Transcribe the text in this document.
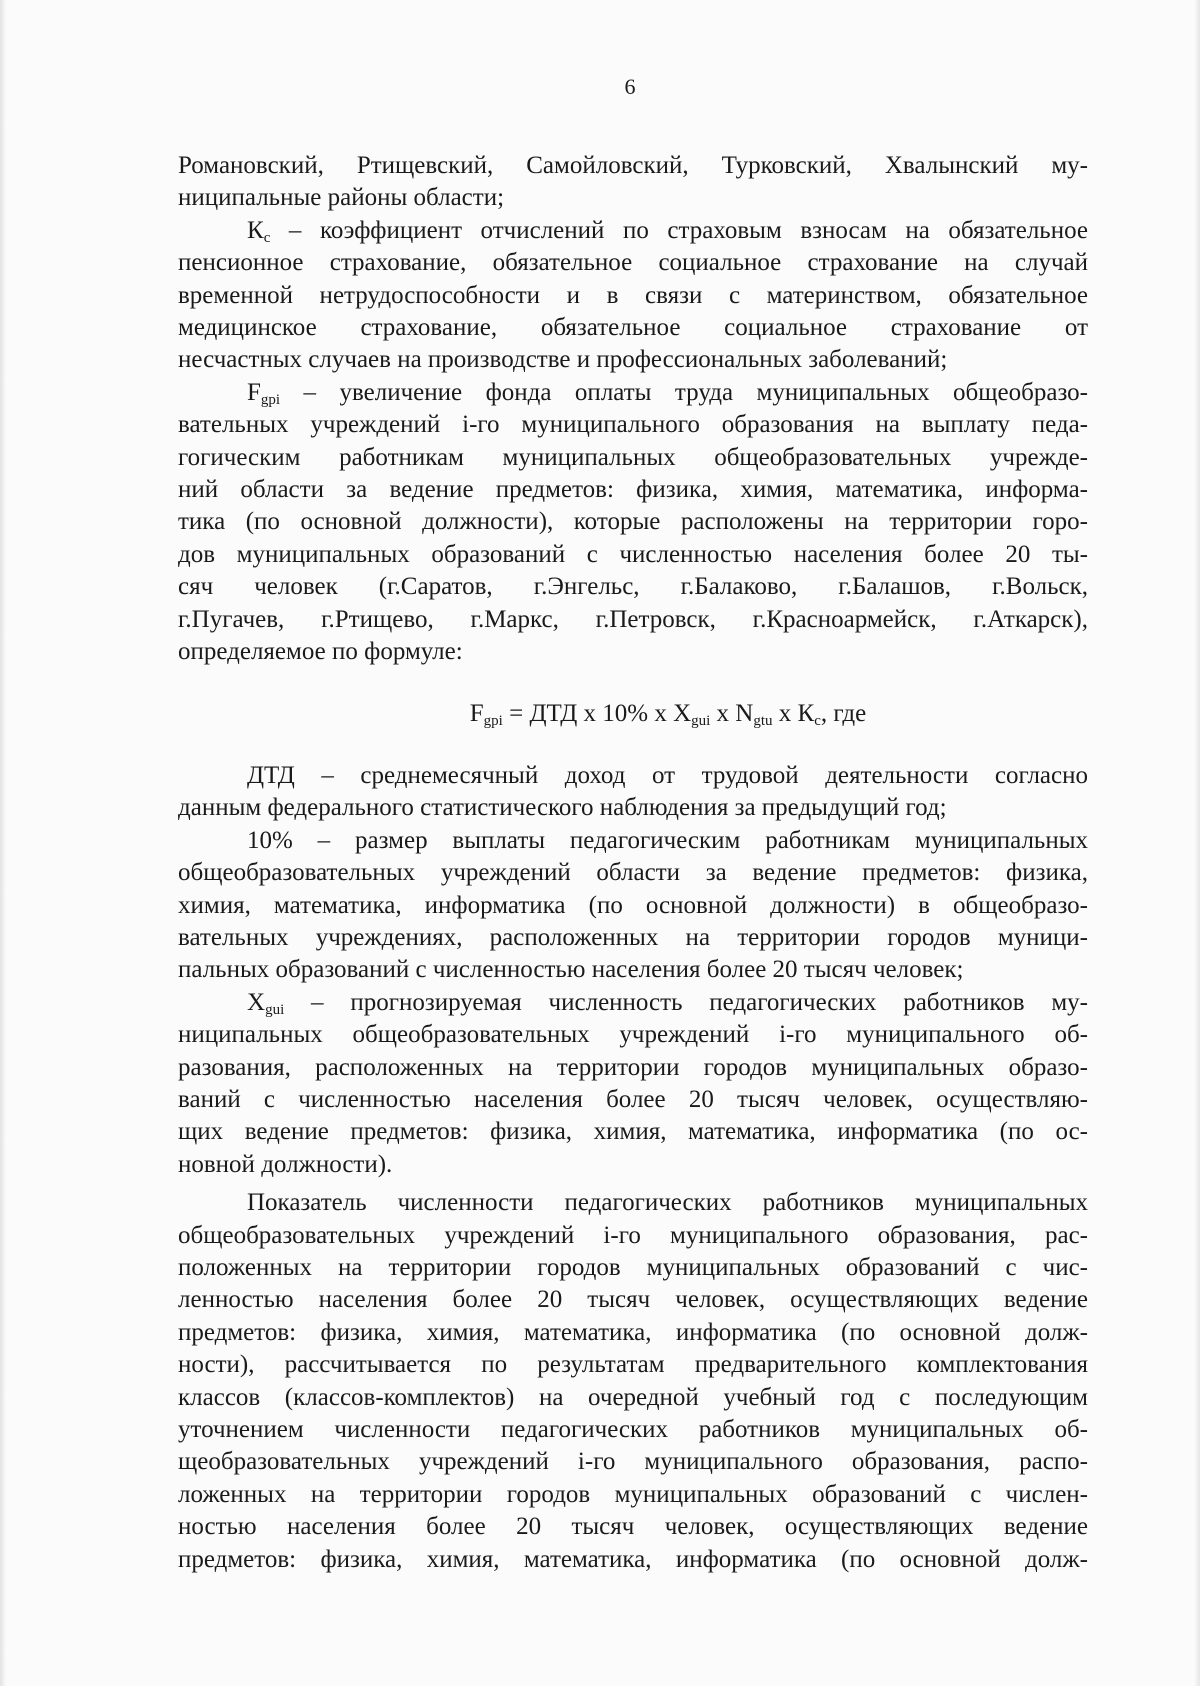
6
Романовский, Ртищевский, Самойловский, Турковский, Хвалынский му-
ниципальные районы области;
$К_с$ – коэффициент отчислений по страховым взносам на обязательное
пенсионное страхование, обязательное социальное страхование на случай
временной нетрудоспособности и в связи с материнством, обязательное
медицинское страхование, обязательное социальное страхование от
несчастных случаев на производстве и профессиональных заболеваний;
$F_{gpi}$ – увеличение фонда оплаты труда муниципальных общеобразо-
вательных учреждений i-го муниципального образования на выплату педа-
гогическим работникам муниципальных общеобразовательных учрежде-
ний области за ведение предметов: физика, химия, математика, информа-
тика (по основной должности), которые расположены на территории горо-
дов муниципальных образований с численностью населения более 20 ты-
сяч человек (г.Саратов, г.Энгельс, г.Балаково, г.Балашов, г.Вольск,
г.Пугачев, г.Ртищево, г.Маркс, г.Петровск, г.Красноармейск, г.Аткарск),
определяемое по формуле:
$F_{gpi}$ = ДТД х 10% х $X_{gui}$ х $N_{gtu}$ х $К_с$, где
ДТД – среднемесячный доход от трудовой деятельности согласно
данным федерального статистического наблюдения за предыдущий год;
10% – размер выплаты педагогическим работникам муниципальных
общеобразовательных учреждений области за ведение предметов: физика,
химия, математика, информатика (по основной должности) в общеобразо-
вательных учреждениях, расположенных на территории городов муници-
пальных образований с численностью населения более 20 тысяч человек;
$X_{gui}$ – прогнозируемая численность педагогических работников му-
ниципальных общеобразовательных учреждений i-го муниципального об-
разования, расположенных на территории городов муниципальных образо-
ваний с численностью населения более 20 тысяч человек, осуществляю-
щих ведение предметов: физика, химия, математика, информатика (по ос-
новной должности).
Показатель численности педагогических работников муниципальных
общеобразовательных учреждений i-го муниципального образования, рас-
положенных на территории городов муниципальных образований с чис-
ленностью населения более 20 тысяч человек, осуществляющих ведение
предметов: физика, химия, математика, информатика (по основной долж-
ности), рассчитывается по результатам предварительного комплектования
классов (классов-комплектов) на очередной учебный год с последующим
уточнением численности педагогических работников муниципальных об-
щеобразовательных учреждений i-го муниципального образования, распо-
ложенных на территории городов муниципальных образований с числен-
ностью населения более 20 тысяч человек, осуществляющих ведение
предметов: физика, химия, математика, информатика (по основной долж-
